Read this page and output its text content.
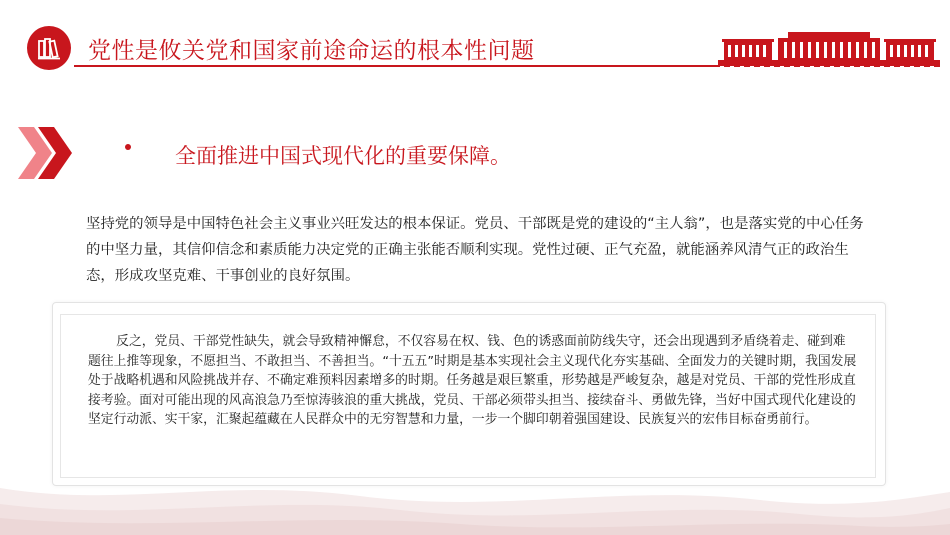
党性是攸关党和国家前途命运的根本性问题
全面推进中国式现代化的重要保障。
坚持党的领导是中国特色社会主义事业兴旺发达的根本保证。党员、干部既是党的建设的“主人翁”，也是落实党的中心任务的中坚力量，其信仰信念和素质能力决定党的正确主张能否顺利实现。党性过硬、正气充盈，就能涵养风清气正的政治生态，形成攻坚克难、干事创业的良好氛围。
反之，党员、干部党性缺失，就会导致精神懈怠，不仅容易在权、钱、色的诱惑面前防线失守，还会出现遇到矛盾绕着走、碰到难题往上推等现象，不愿担当、不敢担当、不善担当。“十五五”时期是基本实现社会主义现代化夯实基础、全面发力的关键时期，我国发展处于战略机遇和风险挑战并存、不确定难预料因素增多的时期。任务越是艰巨繁重，形势越是严峻复杂，越是对党员、干部的党性形成直接考验。面对可能出现的风高浪急乃至惊涛骇浪的重大挑战，党员、干部必须带头担当、接续奋斗、勇做先锋，当好中国式现代化建设的坚定行动派、实干家，汇聚起蕴藏在人民群众中的无穷智慧和力量，一步一个脚印朝着强国建设、民族复兴的宏伟目标奋勇前行。
